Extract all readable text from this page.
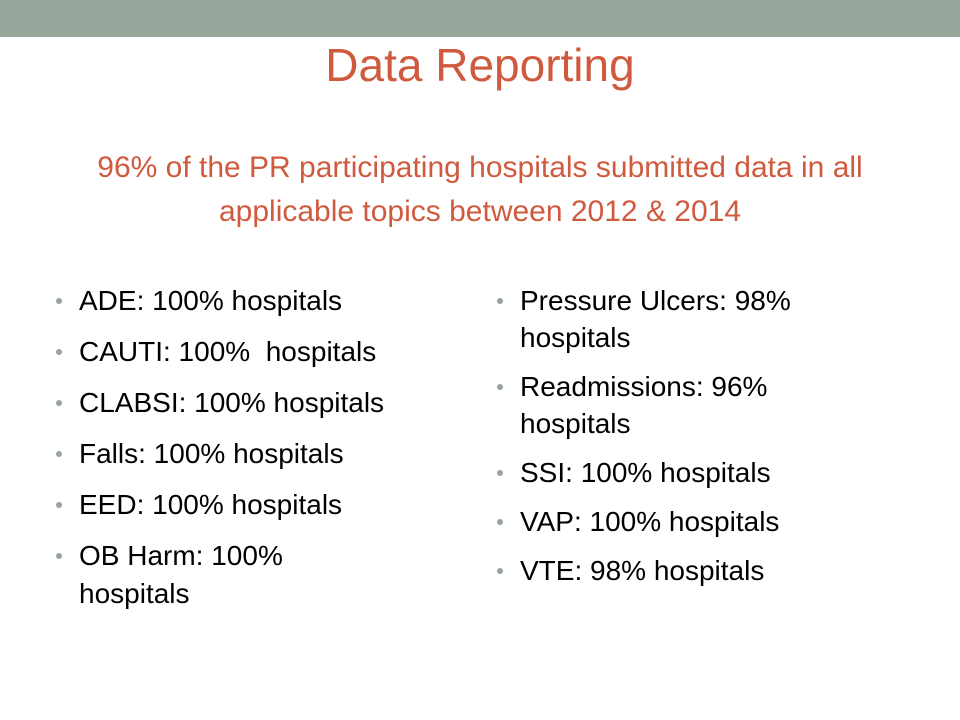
Data Reporting

96% of the PR participating hospitals submitted data in all applicable topics between 2012 & 2014

ADE: 100% hospitals
CAUTI: 100%  hospitals
CLABSI: 100% hospitals
Falls: 100% hospitals
EED: 100% hospitals
OB Harm: 100% hospitals
Pressure Ulcers: 98% hospitals
Readmissions: 96% hospitals
SSI: 100% hospitals
VAP: 100% hospitals
VTE: 98% hospitals
